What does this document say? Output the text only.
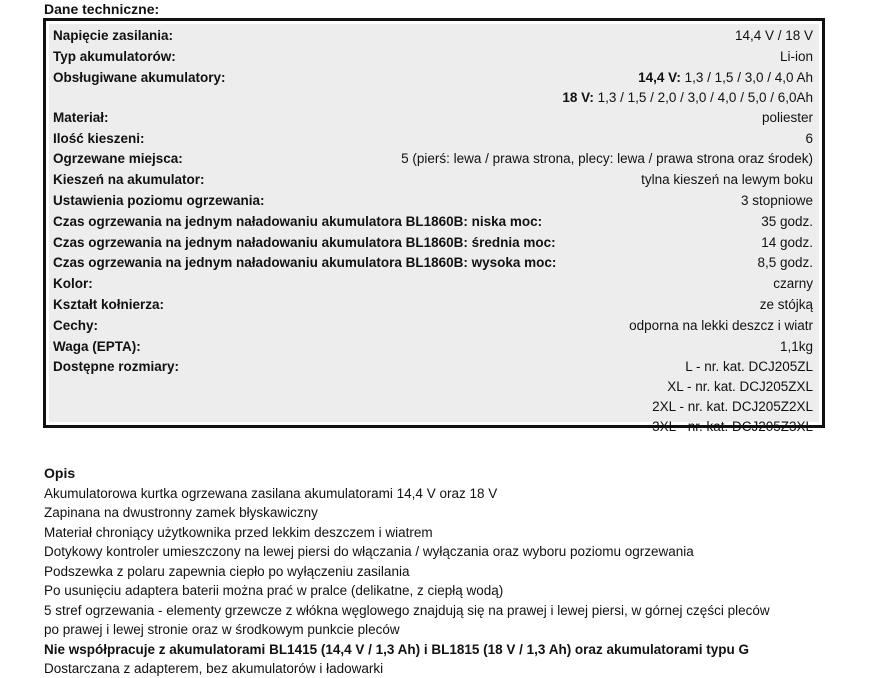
Dane techniczne:
Napięcie zasilania:	14,4 V / 18 V
Typ akumulatorów:	Li-ion
Obsługiwane akumulatory:	14,4 V: 1,3 / 1,5 / 3,0 / 4,0 Ah
18 V: 1,3 / 1,5 / 2,0 / 3,0 / 4,0 / 5,0 / 6,0Ah
Materiał:	poliester
Ilość kieszeni:	6
Ogrzewane miejsca:	5 (pierś: lewa / prawa strona, plecy: lewa / prawa strona oraz środek)
Kieszeń na akumulator:	tylna kieszeń na lewym boku
Ustawienia poziomu ogrzewania:	3 stopniowe
Czas ogrzewania na jednym naładowaniu akumulatora BL1860B: niska moc:	35 godz.
Czas ogrzewania na jednym naładowaniu akumulatora BL1860B: średnia moc:	14 godz.
Czas ogrzewania na jednym naładowaniu akumulatora BL1860B: wysoka moc:	8,5 godz.
Kolor:	czarny
Kształt kołnierza:	ze stójką
Cechy:	odporna na lekki deszcz i wiatr
Waga (EPTA):	1,1kg
Dostępne rozmiary:	L - nr. kat. DCJ205ZL
XL - nr. kat. DCJ205ZXL
2XL - nr. kat. DCJ205Z2XL
3XL - nr. kat. DCJ205Z3XL
Opis
Akumulatorowa kurtka ogrzewana zasilana akumulatorami 14,4 V oraz 18 V
Zapinana na dwustronny zamek błyskawiczny
Materiał chroniący użytkownika przed lekkim deszczem i wiatrem
Dotykowy kontroler umieszczony na lewej piersi do włączania / wyłączania oraz wyboru poziomu ogrzewania
Podszewka z polaru zapewnia ciepło po wyłączeniu zasilania
Po usunięciu adaptera baterii można prać w pralce (delikatne, z ciepłą wodą)
5 stref ogrzewania - elementy grzewcze z włókna węglowego znajdują się na prawej i lewej piersi, w górnej części pleców
po prawej i lewej stronie oraz w środkowym punkcie pleców
Nie współpracuje z akumulatorami BL1415 (14,4 V / 1,3 Ah) i BL1815 (18 V / 1,3 Ah) oraz akumulatorami typu G
Dostarczana z adapterem, bez akumulatorów i ładowarki
